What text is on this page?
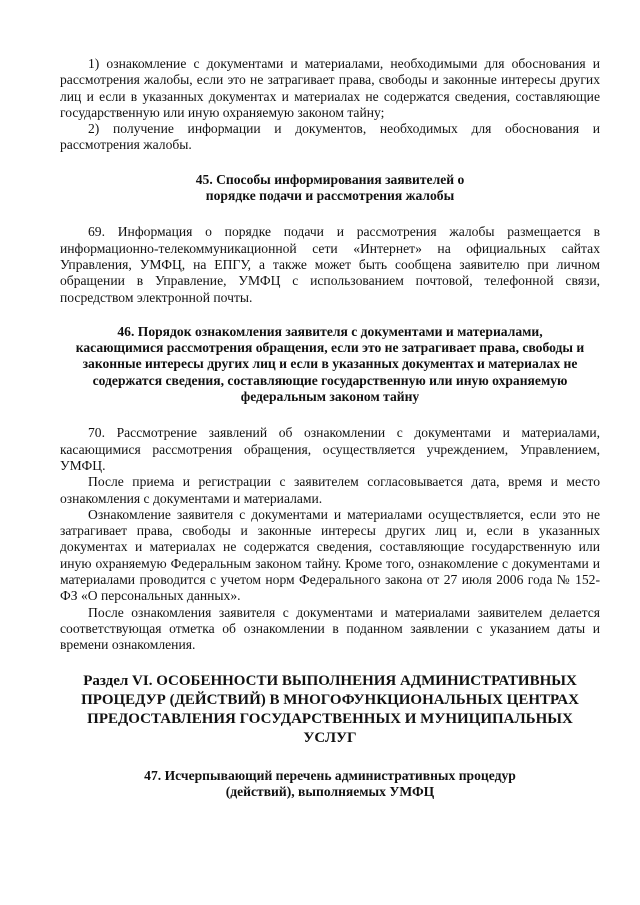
1) ознакомление с документами и материалами, необходимыми для обоснования и рассмотрения жалобы, если это не затрагивает права, свободы и законные интересы других лиц и если в указанных документах и материалах не содержатся сведения, составляющие государственную или иную охраняемую законом тайну;

2) получение информации и документов, необходимых для обоснования и рассмотрения жалобы.

45. Способы информирования заявителей о порядке подачи и рассмотрения жалобы

69. Информация о порядке подачи и рассмотрения жалобы размещается в информационно-телекоммуникационной сети «Интернет» на официальных сайтах Управления, УМФЦ, на ЕПГУ, а также может быть сообщена заявителю при личном обращении в Управление, УМФЦ с использованием почтовой, телефонной связи, посредством электронной почты.

46. Порядок ознакомления заявителя с документами и материалами, касающимися рассмотрения обращения, если это не затрагивает права, свободы и законные интересы других лиц и если в указанных документах и материалах не содержатся сведения, составляющие государственную или иную охраняемую федеральным законом тайну

70. Рассмотрение заявлений об ознакомлении с документами и материалами, касающимися рассмотрения обращения, осуществляется учреждением, Управлением, УМФЦ.

После приема и регистрации с заявителем согласовывается дата, время и место ознакомления с документами и материалами.

Ознакомление заявителя с документами и материалами осуществляется, если это не затрагивает права, свободы и законные интересы других лиц и, если в указанных документах и материалах не содержатся сведения, составляющие государственную или иную охраняемую Федеральным законом тайну. Кроме того, ознакомление с документами и материалами проводится с учетом норм Федерального закона от 27 июля 2006 года № 152-ФЗ «О персональных данных».

После ознакомления заявителя с документами и материалами заявителем делается соответствующая отметка об ознакомлении в поданном заявлении с указанием даты и времени ознакомления.

Раздел VI. ОСОБЕННОСТИ ВЫПОЛНЕНИЯ АДМИНИСТРАТИВНЫХ ПРОЦЕДУР (ДЕЙСТВИЙ) В МНОГОФУНКЦИОНАЛЬНЫХ ЦЕНТРАХ ПРЕДОСТАВЛЕНИЯ ГОСУДАРСТВЕННЫХ И МУНИЦИПАЛЬНЫХ УСЛУГ

47. Исчерпывающий перечень административных процедур (действий), выполняемых УМФЦ
